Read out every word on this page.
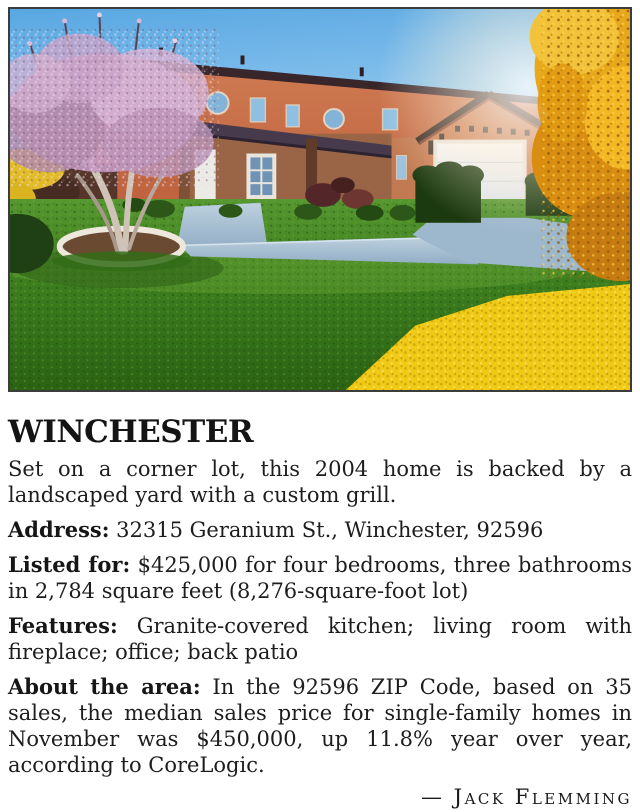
WINCHESTER

Set on a corner lot, this 2004 home is backed by a landscaped yard with a custom grill.

Address: 32315 Geranium St., Winchester, 92596

Listed for: $425,000 for four bedrooms, three bathrooms in 2,784 square feet (8,276-square-foot lot)

Features: Granite-covered kitchen; living room with fireplace; office; back patio

About the area: In the 92596 ZIP Code, based on 35 sales, the median sales price for single-family homes in November was $450,000, up 11.8% year over year, according to CoreLogic.

— Jack Flemming
